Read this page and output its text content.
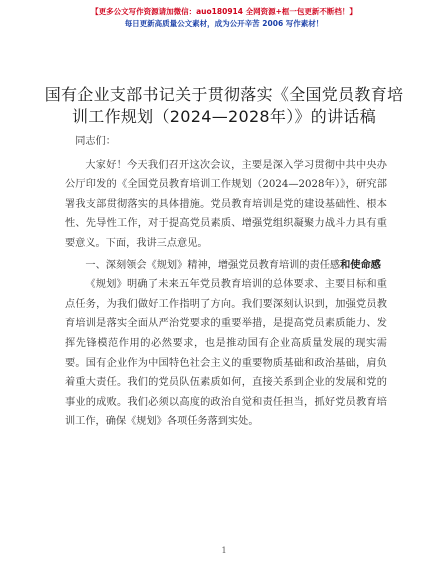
【更多公文写作资源请加微信：auo180914 全网资源+框一包更新不断档！】
每日更新高质量公文素材，成为公开辛苦 2006 写作素材！
国有企业支部书记关于贯彻落实《全国党员教育培训工作规划（2024—2028年）》的讲话稿

同志们：

大家好！今天我们召开这次会议，主要是深入学习贯彻中共中央办公厅印发的《全国党员教育培训工作规划（2024—2028年）》，研究部署我支部贯彻落实的具体措施。党员教育培训是党的建设基础性、根本性、先导性工作，对于提高党员素质、增强党组织凝聚力战斗力具有重要意义。下面，我讲三点意见。

一、深刻领会《规划》精神，增强党员教育培训的责任感和使命感

《规划》明确了未来五年党员教育培训的总体要求、主要目标和重点任务，为我们做好工作指明了方向。我们要深刻认识到，加强党员教育培训是落实全面从严治党要求的重要举措，是提高党员素质能力、发挥先锋模范作用的必然要求，也是推动国有企业高质量发展的现实需要。国有企业作为中国特色社会主义的重要物质基础和政治基础，肩负着重大责任。我们的党员队伍素质如何，直接关系到企业的发展和党的事业的成败。我们必须以高度的政治自觉和责任担当，抓好党员教育培训工作，确保《规划》各项任务落到实处。

1
